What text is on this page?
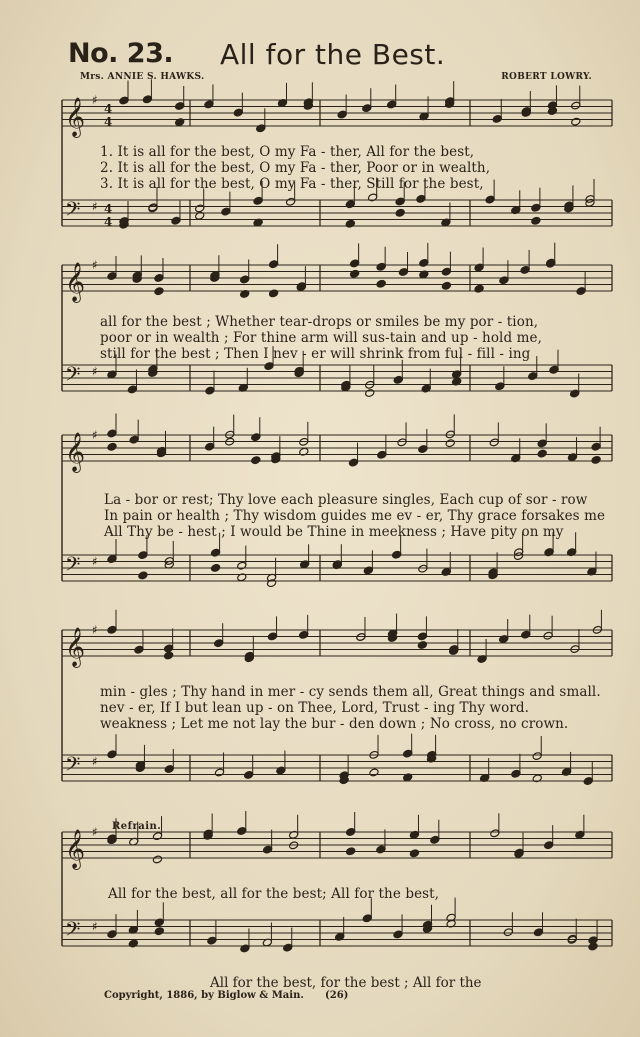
No. 23. All for the Best.
Mrs. ANNIE S. HAWKS.	ROBERT LOWRY.
𝄞 ♯
4
4
𝄢 ♯ 4
4
1. It is all for the best, O my Fa - ther, All for the best,
2. It is all for the best, O my Fa - ther, Poor or in wealth,
3. It is all for the best, O my Fa - ther, Still for the best,
𝄞 ♯
𝄢 ♯
all for the best ; Whether tear-drops or smiles be my por - tion,
poor or in wealth ; For thine arm will sus-tain and up - hold me,
still for the best ; Then I nev - er will shrink from ful - fill - ing
𝄞 ♯
𝄢 ♯
La - bor or rest; Thy love each pleasure singles, Each cup of sor - row
In pain or health ; Thy wisdom guides me ev - er, Thy grace forsakes me
All Thy be - hest ; I would be Thine in meekness ; Have pity on my
𝄞 ♯
𝄢 ♯
min - gles ; Thy hand in mer - cy sends them all, Great things and small.
nev - er, If I but lean up - on Thee, Lord, Trust - ing Thy word.
weakness ; Let me not lay the bur - den down ; No cross, no crown.
Refrain.
𝄞 ♯
𝄢 ♯
All for the best, all for the best; All for the best,
All for the best, for the best ; All for the
Copyright, 1886, by Biglow & Main. (26)
